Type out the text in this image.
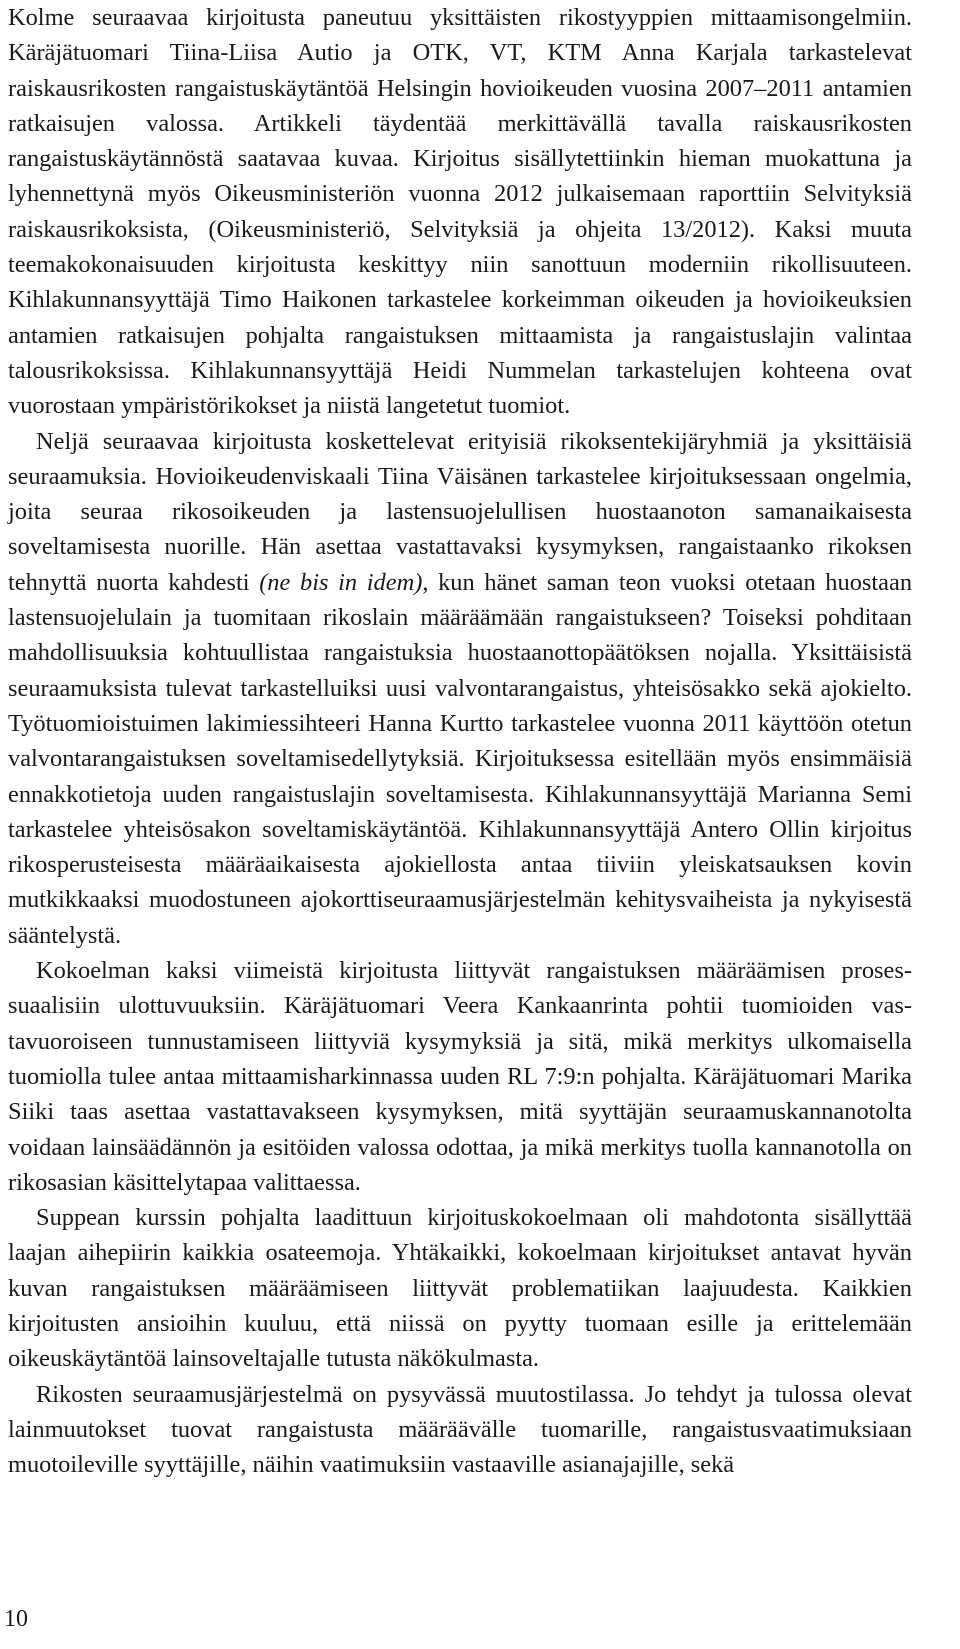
Kolme seuraavaa kirjoitusta paneutuu yksittäisten rikostyyppien mittaamisongelmiin. Käräjätuomari Tiina-Liisa Autio ja OTK, VT, KTM Anna Karjala tarkastelevat raiskausrikosten rangaistuskäytäntöä Helsingin hovioikeuden vuosina 2007–2011 antamien ratkaisujen valossa. Artikkeli täydentää merkittävällä tavalla raiskausrikosten rangaistuskäytännöstä saatavaa kuvaa. Kirjoitus sisällytettiinkin hieman muokattuna ja lyhennettynä myös Oikeusministeriön vuonna 2012 julkaisemaan raporttiin Selvityksiä raiskausrikoksista, (Oikeusministeriö, Selvityksiä ja ohjeita 13/2012). Kaksi muuta teemakokonaisuuden kirjoitusta keskittyy niin sanottuun moderniin rikollisuuteen. Kihlakunnansyyttäjä Timo Haikonen tarkastelee korkeimman oikeuden ja hovioikeuksien antamien ratkaisujen pohjalta rangaistuksen mittaamista ja rangaistuslajin valintaa talousrikoksissa. Kihlakunnansyyttäjä Heidi Nummelan tarkastelujen kohteena ovat vuorostaan ympäristörikokset ja niistä langetetut tuomiot.

Neljä seuraavaa kirjoitusta koskettelevat erityisiä rikoksentekijäryhmiä ja yksittäisiä seuraamuksia. Hovioikeudenviskaali Tiina Väisänen tarkastelee kirjoituksessaan ongelmia, joita seuraa rikosoikeuden ja lastensuojelullisen huostaanoton samanaikaisesta soveltamisesta nuorille. Hän asettaa vastattavaksi kysymyksen, rangaistaanko rikoksen tehnyttä nuorta kahdesti (ne bis in idem), kun hänet saman teon vuoksi otetaan huostaan lastensuojelulain ja tuomitaan rikoslain määräämään rangaistukseen? Toiseksi pohditaan mahdollisuuksia kohtuullistaa rangaistuksia huostaanottopäätöksen nojalla. Yksittäisistä seuraamuksista tulevat tarkastelluiksi uusi valvontarangaistus, yhteisösakko sekä ajokielto. Työtuomioistuimen lakimiessihteeri Hanna Kurtto tarkastelee vuonna 2011 käyttöön otetun valvontarangaistuksen soveltamisedellytyksiä. Kirjoituksessa esitellään myös ensimmäisiä ennakkotietoja uuden rangaistuslajin soveltamisesta. Kihlakunnansyyttäjä Marianna Semi tarkastelee yhteisösakon soveltamiskäytäntöä. Kihlakunnansyyttäjä Antero Ollin kirjoitus rikosperusteisesta määräaikaisesta ajokiellosta antaa tiiviin yleiskatsauksen kovin mutkikkaaksi muodostuneen ajokorttiseuraamusjärjestelmän kehitysvaiheista ja nykyisestä sääntelystä.

Kokoelman kaksi viimeistä kirjoitusta liittyvät rangaistuksen määräämisen prosessuaalisiin ulottuvuuksiin. Käräjätuomari Veera Kankaanrinta pohtii tuomioiden vastavuoroiseen tunnustamiseen liittyviä kysymyksiä ja sitä, mikä merkitys ulkomaisella tuomiolla tulee antaa mittaamisharkinnassa uuden RL 7:9:n pohjalta. Käräjätuomari Marika Siiki taas asettaa vastattavakseen kysymyksen, mitä syyttäjän seuraamuskannanotolta voidaan lainsäädännön ja esitöiden valossa odottaa, ja mikä merkitys tuolla kannanotolla on rikosasian käsittelytapaa valittaessa.

Suppean kurssin pohjalta laadittuun kirjoituskokoelmaan oli mahdotonta sisällyttää laajan aihepiirin kaikkia osateemoja. Yhtäkaikki, kokoelmaan kirjoitukset antavat hyvän kuvan rangaistuksen määräämiseen liittyvät problematiikan laajuudesta. Kaikkien kirjoitusten ansioihin kuuluu, että niissä on pyytty tuomaan esille ja erittelemään oikeuskäytäntöä lainsoveltajalle tutusta näkökulmasta.

Rikosten seuraamusjärjestelmä on pysyvässä muutostilassa. Jo tehdyt ja tulossa olevat lainmuutokset tuovat rangaistusta määräävälle tuomarille, rangaistusvaatimuksiaan muotoileville syyttäjille, näihin vaatimuksiin vastaaville asianajajille, sekä

10
